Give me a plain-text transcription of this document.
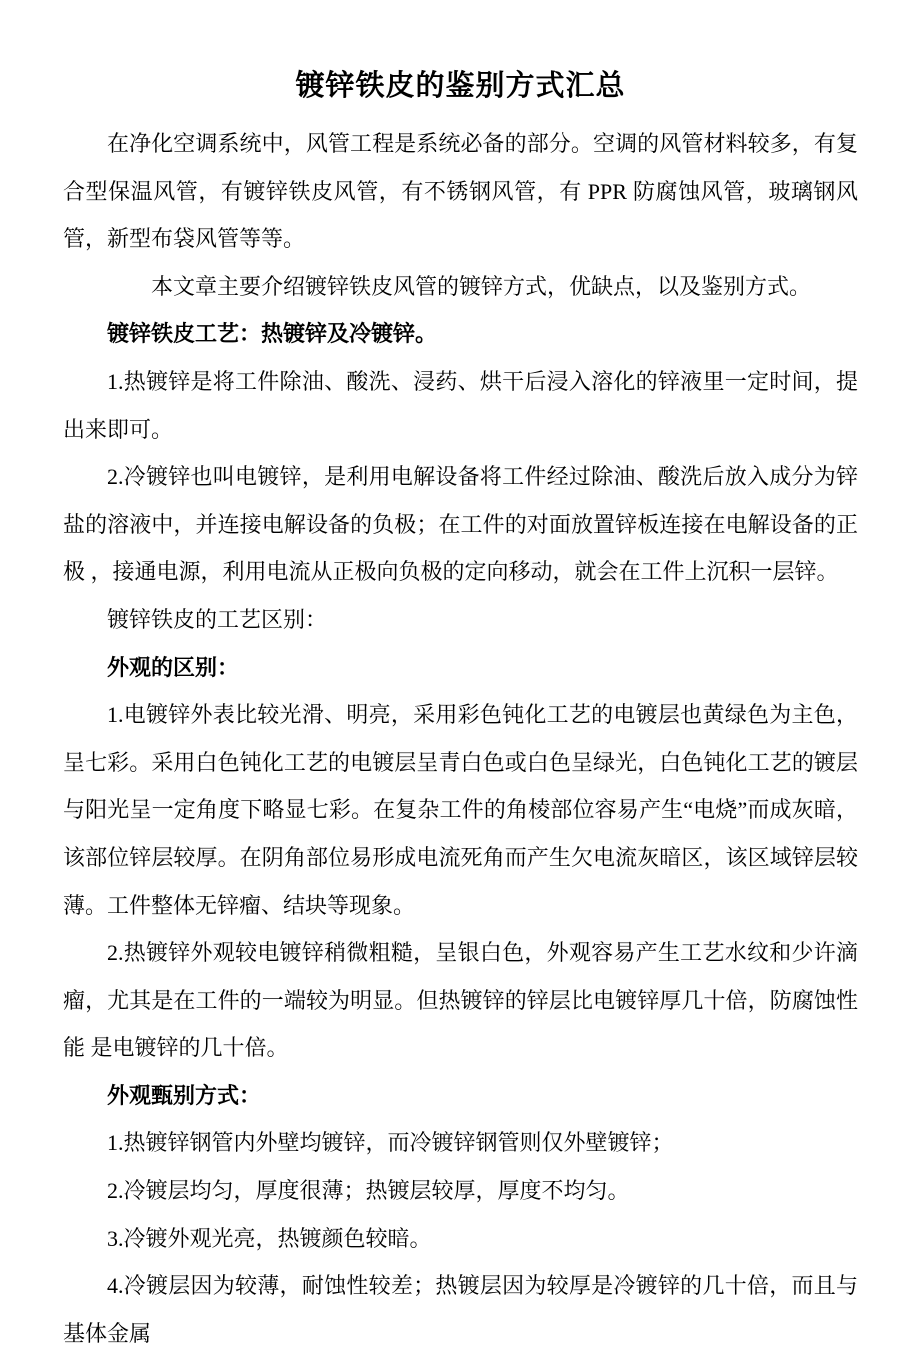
镀锌铁皮的鉴别方式汇总

在净化空调系统中，风管工程是系统必备的部分。空调的风管材料较多，有复合型保温风管，有镀锌铁皮风管，有不锈钢风管，有 PPR 防腐蚀风管，玻璃钢风管，新型布袋风管等等。

本文章主要介绍镀锌铁皮风管的镀锌方式，优缺点，以及鉴别方式。

镀锌铁皮工艺：热镀锌及冷镀锌。

1.热镀锌是将工件除油、酸洗、浸药、烘干后浸入溶化的锌液里一定时间，提出来即可。

2.冷镀锌也叫电镀锌，是利用电解设备将工件经过除油、酸洗后放入成分为锌盐的溶液中，并连接电解设备的负极；在工件的对面放置锌板连接在电解设备的正极 ，接通电源，利用电流从正极向负极的定向移动，就会在工件上沉积一层锌。

镀锌铁皮的工艺区别：

外观的区别：

1.电镀锌外表比较光滑、明亮，采用彩色钝化工艺的电镀层也黄绿色为主色，呈七彩。采用白色钝化工艺的电镀层呈青白色或白色呈绿光，白色钝化工艺的镀层与阳光呈一定角度下略显七彩。在复杂工件的角棱部位容易产生“电烧”而成灰暗，该部位锌层较厚。在阴角部位易形成电流死角而产生欠电流灰暗区，该区域锌层较薄。工件整体无锌瘤、结块等现象。

2.热镀锌外观较电镀锌稍微粗糙，呈银白色，外观容易产生工艺水纹和少许滴瘤，尤其是在工件的一端较为明显。但热镀锌的锌层比电镀锌厚几十倍，防腐蚀性能 是电镀锌的几十倍。

外观甄别方式：

1.热镀锌钢管内外壁均镀锌，而冷镀锌钢管则仅外壁镀锌；

2.冷镀层均匀，厚度很薄；热镀层较厚，厚度不均匀。

3.冷镀外观光亮，热镀颜色较暗。

4.冷镀层因为较薄，耐蚀性较差；热镀层因为较厚是冷镀锌的几十倍，而且与基体金属
